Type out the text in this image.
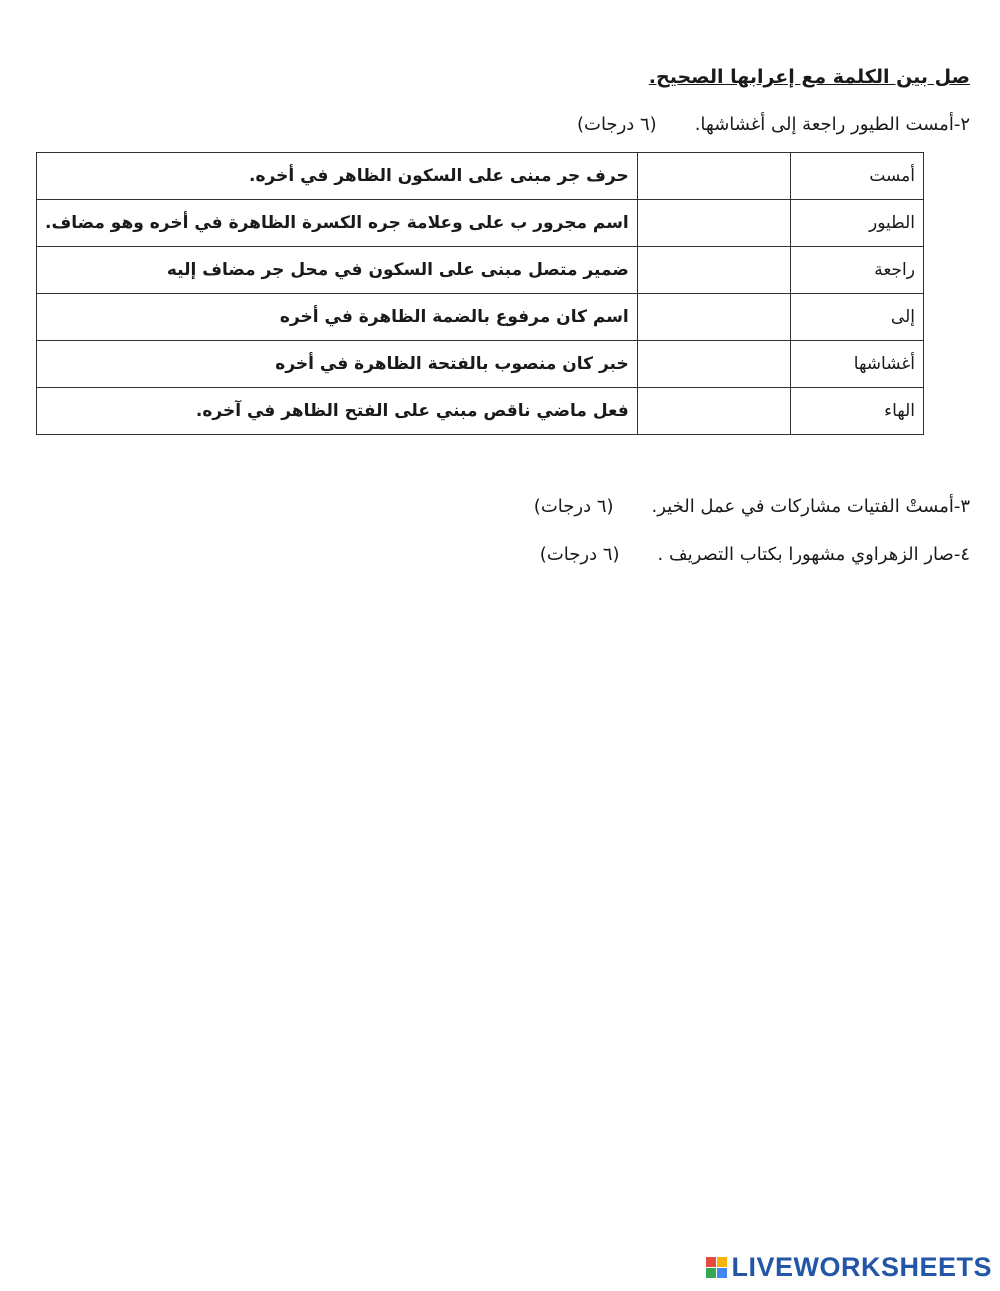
صل بين الكلمة مع إعرابها الصحيح.
٢-أمست الطيور راجعة إلى أغشاشها.
(٦ درجات)
أمست		حرف جر مبنى على السكون الظاهر في أخره.
الطيور		اسم مجرور ب على وعلامة جره الكسرة الظاهرة في أخره وهو مضاف.
راجعة		ضمير متصل مبنى على السكون في محل جر مضاف إليه
إلى		اسم كان مرفوع بالضمة الظاهرة في أخره
أغشاشها		خبر كان منصوب بالفتحة الظاهرة في أخره
الهاء		فعل ماضي ناقص مبني على الفتح الظاهر في آخره.
٣-أمستْ الفتيات مشاركات في عمل الخير.
(٦ درجات)
٤-صار الزهراوي مشهورا بكتاب التصريف .
(٦ درجات)
LIVEWORKSHEETS
